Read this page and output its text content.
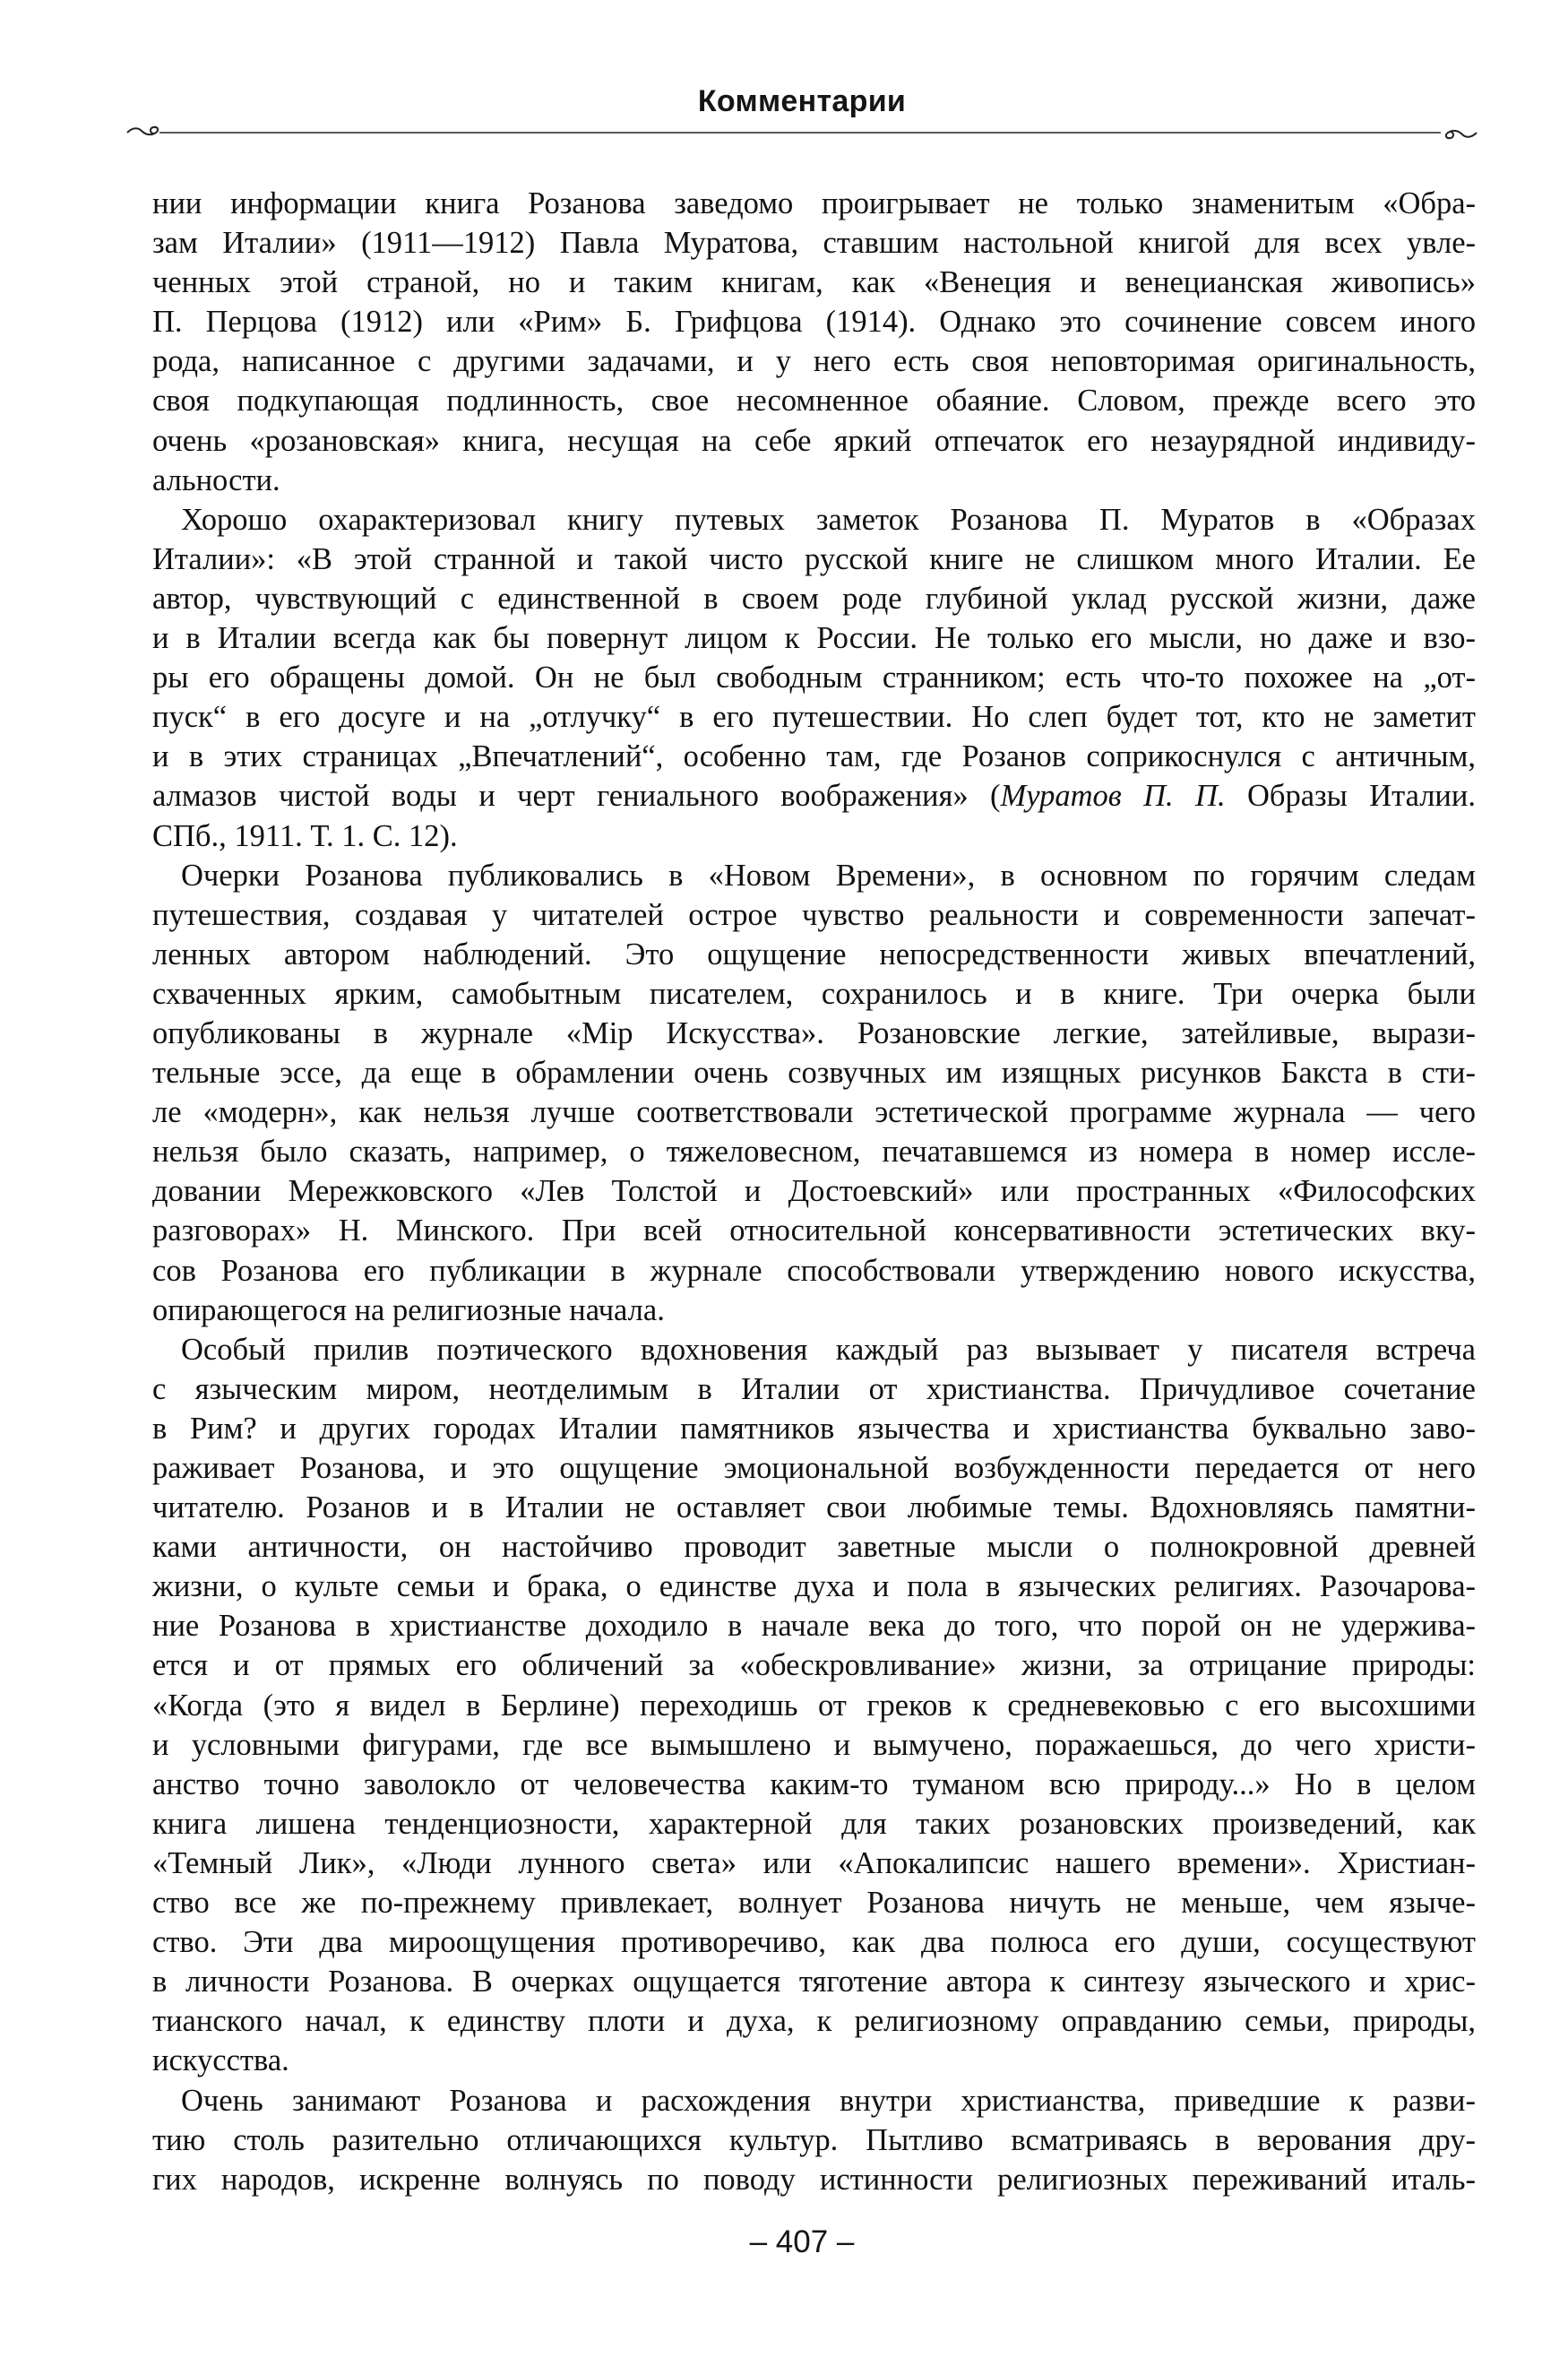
Комментарии

нии информации книга Розанова заведомо проигрывает не только знаменитым «Обра-
зам Италии» (1911—1912) Павла Муратова, ставшим настольной книгой для всех увле-
ченных этой страной, но и таким книгам, как «Венеция и венецианская живопись»
П. Перцова (1912) или «Рим» Б. Грифцова (1914). Однако это сочинение совсем иного
рода, написанное с другими задачами, и у него есть своя неповторимая оригинальность,
своя подкупающая подлинность, свое несомненное обаяние. Словом, прежде всего это
очень «розановская» книга, несущая на себе яркий отпечаток его незаурядной индивиду-
альности.

Хорошо охарактеризовал книгу путевых заметок Розанова П. Муратов в «Образах
Италии»: «В этой странной и такой чисто русской книге не слишком много Италии. Ее
автор, чувствующий с единственной в своем роде глубиной уклад русской жизни, даже
и в Италии всегда как бы повернут лицом к России. Не только его мысли, но даже и взо-
ры его обращены домой. Он не был свободным странником; есть что-то похожее на „от-
пуск“ в его досуге и на „отлучку“ в его путешествии. Но слеп будет тот, кто не заметит
и в этих страницах „Впечатлений“, особенно там, где Розанов соприкоснулся с античным,
алмазов чистой воды и черт гениального воображения» (Муратов П. П. Образы Италии.
СПб., 1911. Т. 1. С. 12).

Очерки Розанова публиковались в «Новом Времени», в основном по горячим следам
путешествия, создавая у читателей острое чувство реальности и современности запечат-
ленных автором наблюдений. Это ощущение непосредственности живых впечатлений,
схваченных ярким, самобытным писателем, сохранилось и в книге. Три очерка были
опубликованы в журнале «Mip Искусства». Розановские легкие, затейливые, вырази-
тельные эссе, да еще в обрамлении очень созвучных им изящных рисунков Бакста в сти-
ле «модерн», как нельзя лучше соответствовали эстетической программе журнала — чего
нельзя было сказать, например, о тяжеловесном, печатавшемся из номера в номер иссле-
довании Мережковского «Лев Толстой и Достоевский» или пространных «Философских
разговорах» Н. Минского. При всей относительной консервативности эстетических вку-
сов Розанова его публикации в журнале способствовали утверждению нового искусства,
опирающегося на религиозные начала.

Особый прилив поэтического вдохновения каждый раз вызывает у писателя встреча
с языческим миром, неотделимым в Италии от христианства. Причудливое сочетание
в Рим? и других городах Италии памятников язычества и христианства буквально заво-
раживает Розанова, и это ощущение эмоциональной возбужденности передается от него
читателю. Розанов и в Италии не оставляет свои любимые темы. Вдохновляясь памятни-
ками античности, он настойчиво проводит заветные мысли о полнокровной древней
жизни, о культе семьи и брака, о единстве духа и пола в языческих религиях. Разочарова-
ние Розанова в христианстве доходило в начале века до того, что порой он не удержива-
ется и от прямых его обличений за «обескровливание» жизни, за отрицание природы:
«Когда (это я видел в Берлине) переходишь от греков к средневековью с его высохшими
и условными фигурами, где все вымышлено и вымучено, поражаешься, до чего христи-
анство точно заволокло от человечества каким-то туманом всю природу...» Но в целом
книга лишена тенденциозности, характерной для таких розановских произведений, как
«Темный Лик», «Люди лунного света» или «Апокалипсис нашего времени». Христиан-
ство все же по-прежнему привлекает, волнует Розанова ничуть не меньше, чем языче-
ство. Эти два мироощущения противоречиво, как два полюса его души, сосуществуют
в личности Розанова. В очерках ощущается тяготение автора к синтезу языческого и хрис-
тианского начал, к единству плоти и духа, к религиозному оправданию семьи, природы,
искусства.

Очень занимают Розанова и расхождения внутри христианства, приведшие к разви-
тию столь разительно отличающихся культур. Пытливо всматриваясь в верования дру-
гих народов, искренне волнуясь по поводу истинности религиозных переживаний италь-

– 407 –
